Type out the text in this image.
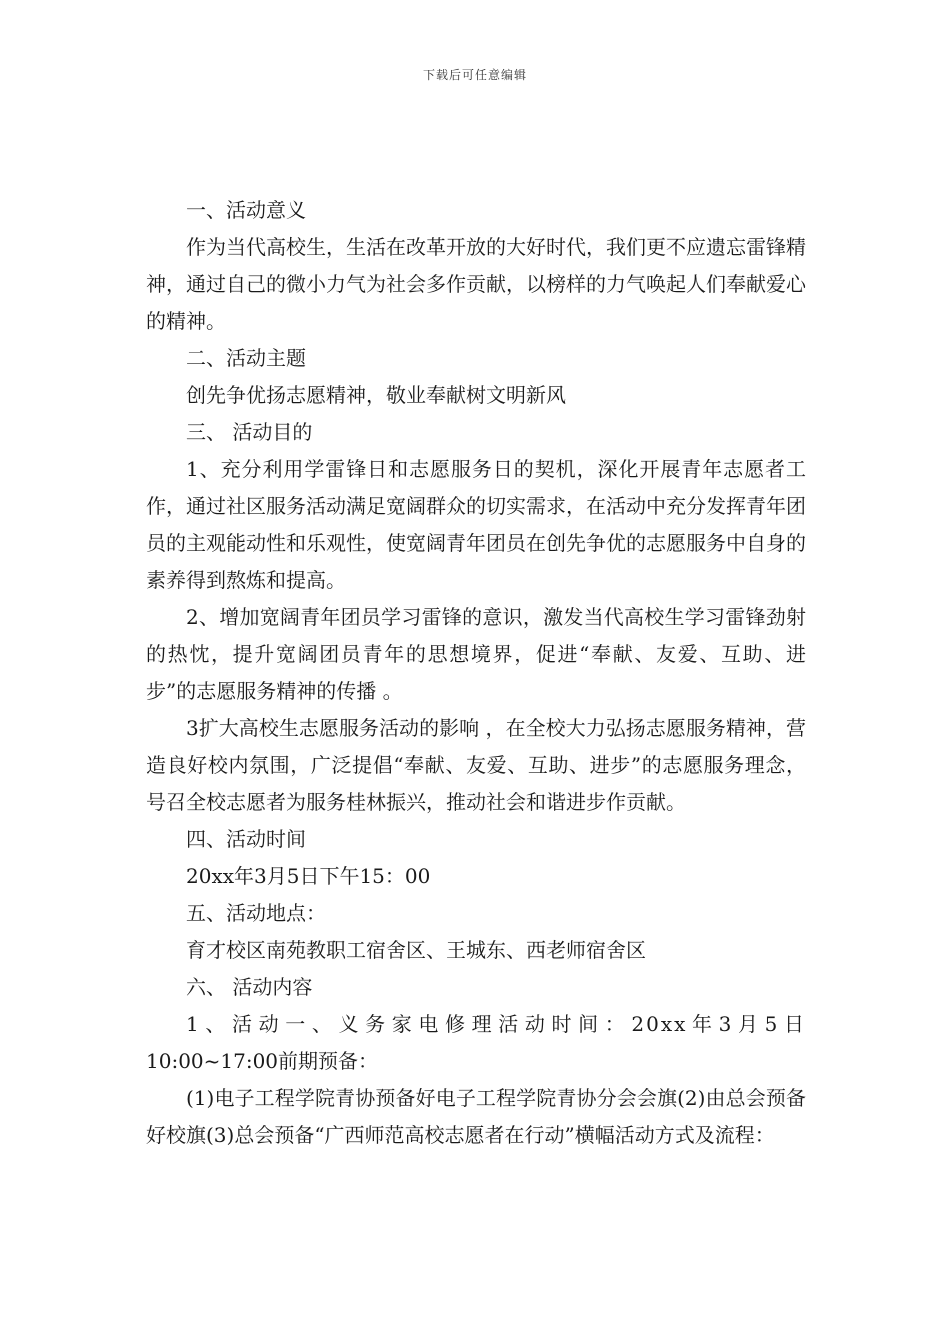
下载后可任意编辑

一、活动意义

作为当代高校生，生活在改革开放的大好时代，我们更不应遗忘雷锋精神，通过自己的微小力气为社会多作贡献，以榜样的力气唤起人们奉献爱心的精神。

二、活动主题

创先争优扬志愿精神，敬业奉献树文明新风

三、 活动目的

1、充分利用学雷锋日和志愿服务日的契机，深化开展青年志愿者工作，通过社区服务活动满足宽阔群众的切实需求，在活动中充分发挥青年团员的主观能动性和乐观性，使宽阔青年团员在创先争优的志愿服务中自身的素养得到熬炼和提高。

2、增加宽阔青年团员学习雷锋的意识，激发当代高校生学习雷锋劲射的热忱，提升宽阔团员青年的思想境界，促进“奉献、友爱、互助、进步”的志愿服务精神的传播 。

3扩大高校生志愿服务活动的影响 ，在全校大力弘扬志愿服务精神，营造良好校内氛围，广泛提倡“奉献、友爱、互助、进步”的志愿服务理念，号召全校志愿者为服务桂林振兴，推动社会和谐进步作贡献。

四、活动时间

20xx年3月5日下午15：00

五、活动地点：

育才校区南苑教职工宿舍区、王城东、西老师宿舍区

六、 活动内容

1、活动一、义务家电修理活动时间：20xx年3月5日

10:00~17:00前期预备：

(1)电子工程学院青协预备好电子工程学院青协分会会旗(2)由总会预备好校旗(3)总会预备“广西师范高校志愿者在行动”横幅活动方式及流程：
